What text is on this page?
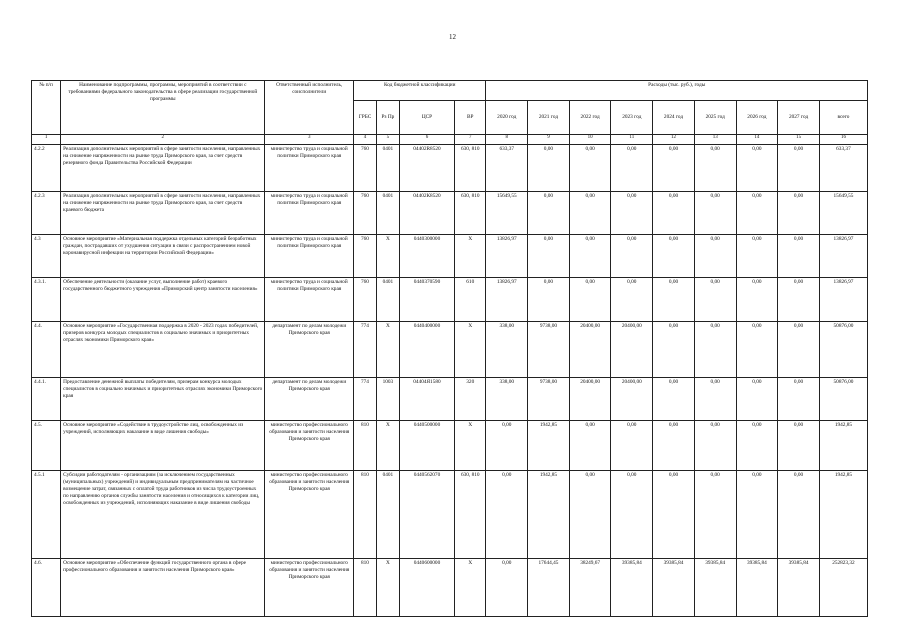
12
№ п/п	Наименование подпрограммы, программы, мероприятий в соответствии с требованиями федерального законодательства в сфере реализации государственной программы	Ответственный исполнитель, соисполнители	Код бюджетной классификации				Расходы (тыс. руб.), годы								
			ГРБС	Рз Пр	ЦСР	ВР	2020 год	2021 год	2022 год	2023 год	2024 год	2025 год	2026 год	2027 год	всего
1	2	3	4	5	6	7	8	9	10	11	12	13	14	15	16
4.2.2	Реализация дополнительных мероприятий в сфере занятости населения, направленных на снижение напряженности на рынке труда Приморского края, за счет средств резервного фонда Правительства Российской Федерации	министерство труда и социальной политики Приморского края	760	0401	04402R8520	630, 810	633,37	0,00	0,00	0,00	0,00	0,00	0,00	0,00	633,37
4.2.3	Реализация дополнительных мероприятий в сфере занятости населения, направленных на снижение напряженности на рынке труда Приморского края, за счет средств краевого бюджета	министерство труда и социальной политики Приморского края	760	0401	04402К8520	630, 810	15649,55	0,00	0,00	0,00	0,00	0,00	0,00	0,00	15649,55
4.3	Основное мероприятие «Материальная поддержка отдельных категорий безработных граждан, пострадавших от ухудшения ситуации в связи с распространением новой коронавирусной инфекции на территории Российской Федерации»	министерство труда и социальной политики Приморского края	760	Х	0440300000	Х	13826,97	0,00	0,00	0,00	0,00	0,00	0,00	0,00	13826,97
4.3.1.	Обеспечение деятельности (оказание услуг, выполнение работ) краевого государственного бюджетного учреждения «Приморский центр занятости населения»	министерство труда и социальной политики Приморского края	760	0401	0440370590	610	13826,97	0,00	0,00	0,00	0,00	0,00	0,00	0,00	13826,97
4.4.	Основное мероприятие «Государственная поддержка в 2020 - 2023 годах победителей, призеров конкурса молодых специалистов в социально значимых и приоритетных отраслях экономики Приморского края»	департамент по делам молодежи Приморского края	774	Х	0440400000	Х	338,00	9738,00	20400,00	20400,00	0,00	0,00	0,00	0,00	50876,00
4.4.1.	Предоставление денежной выплаты победителям, призерам конкурса молодых специалистов в социально значимых и приоритетных отраслях экономики Приморского края	департамент по делам молодежи Приморского края	774	1003	04404Я1580	320	338,00	9738,00	20400,00	20400,00	0,00	0,00	0,00	0,00	50876,00
4.5.	Основное мероприятие «Содействие в трудоустройстве лиц, освобожденных из учреждений, исполняющих наказание в виде лишения свободы»	министерство профессионального образования и занятости населения Приморского края	810	Х	0440500000	Х	0,00	1942,85	0,00	0,00	0,00	0,00	0,00	0,00	1942,85
4.5.1	Субсидии работодателям - организациям (за исключением государственных (муниципальных) учреждений) и индивидуальным предпринимателям на частичное возмещение затрат, связанных с оплатой труда работников из числа трудоустроенных по направлению органов службы занятости населения и относящихся к категории лиц, освобожденных из учреждений, исполняющих наказание в виде лишения свободы	министерство профессионального образования и занятости населения Приморского края	810	0401	0440562070	630, 810	0,00	1942,85	0,00	0,00	0,00	0,00	0,00	0,00	1942,85
4.6.	Основное мероприятие «Обеспечение функций государственного органа в сфере профессионального образования и занятости населения Приморского края»	министерство профессионального образования и занятости населения Приморского края	810	Х	0440600000	Х	0,00	17644,45	38249,67	39385,84	39385,84	39385,84	39385,84	39385,84	252823,32
